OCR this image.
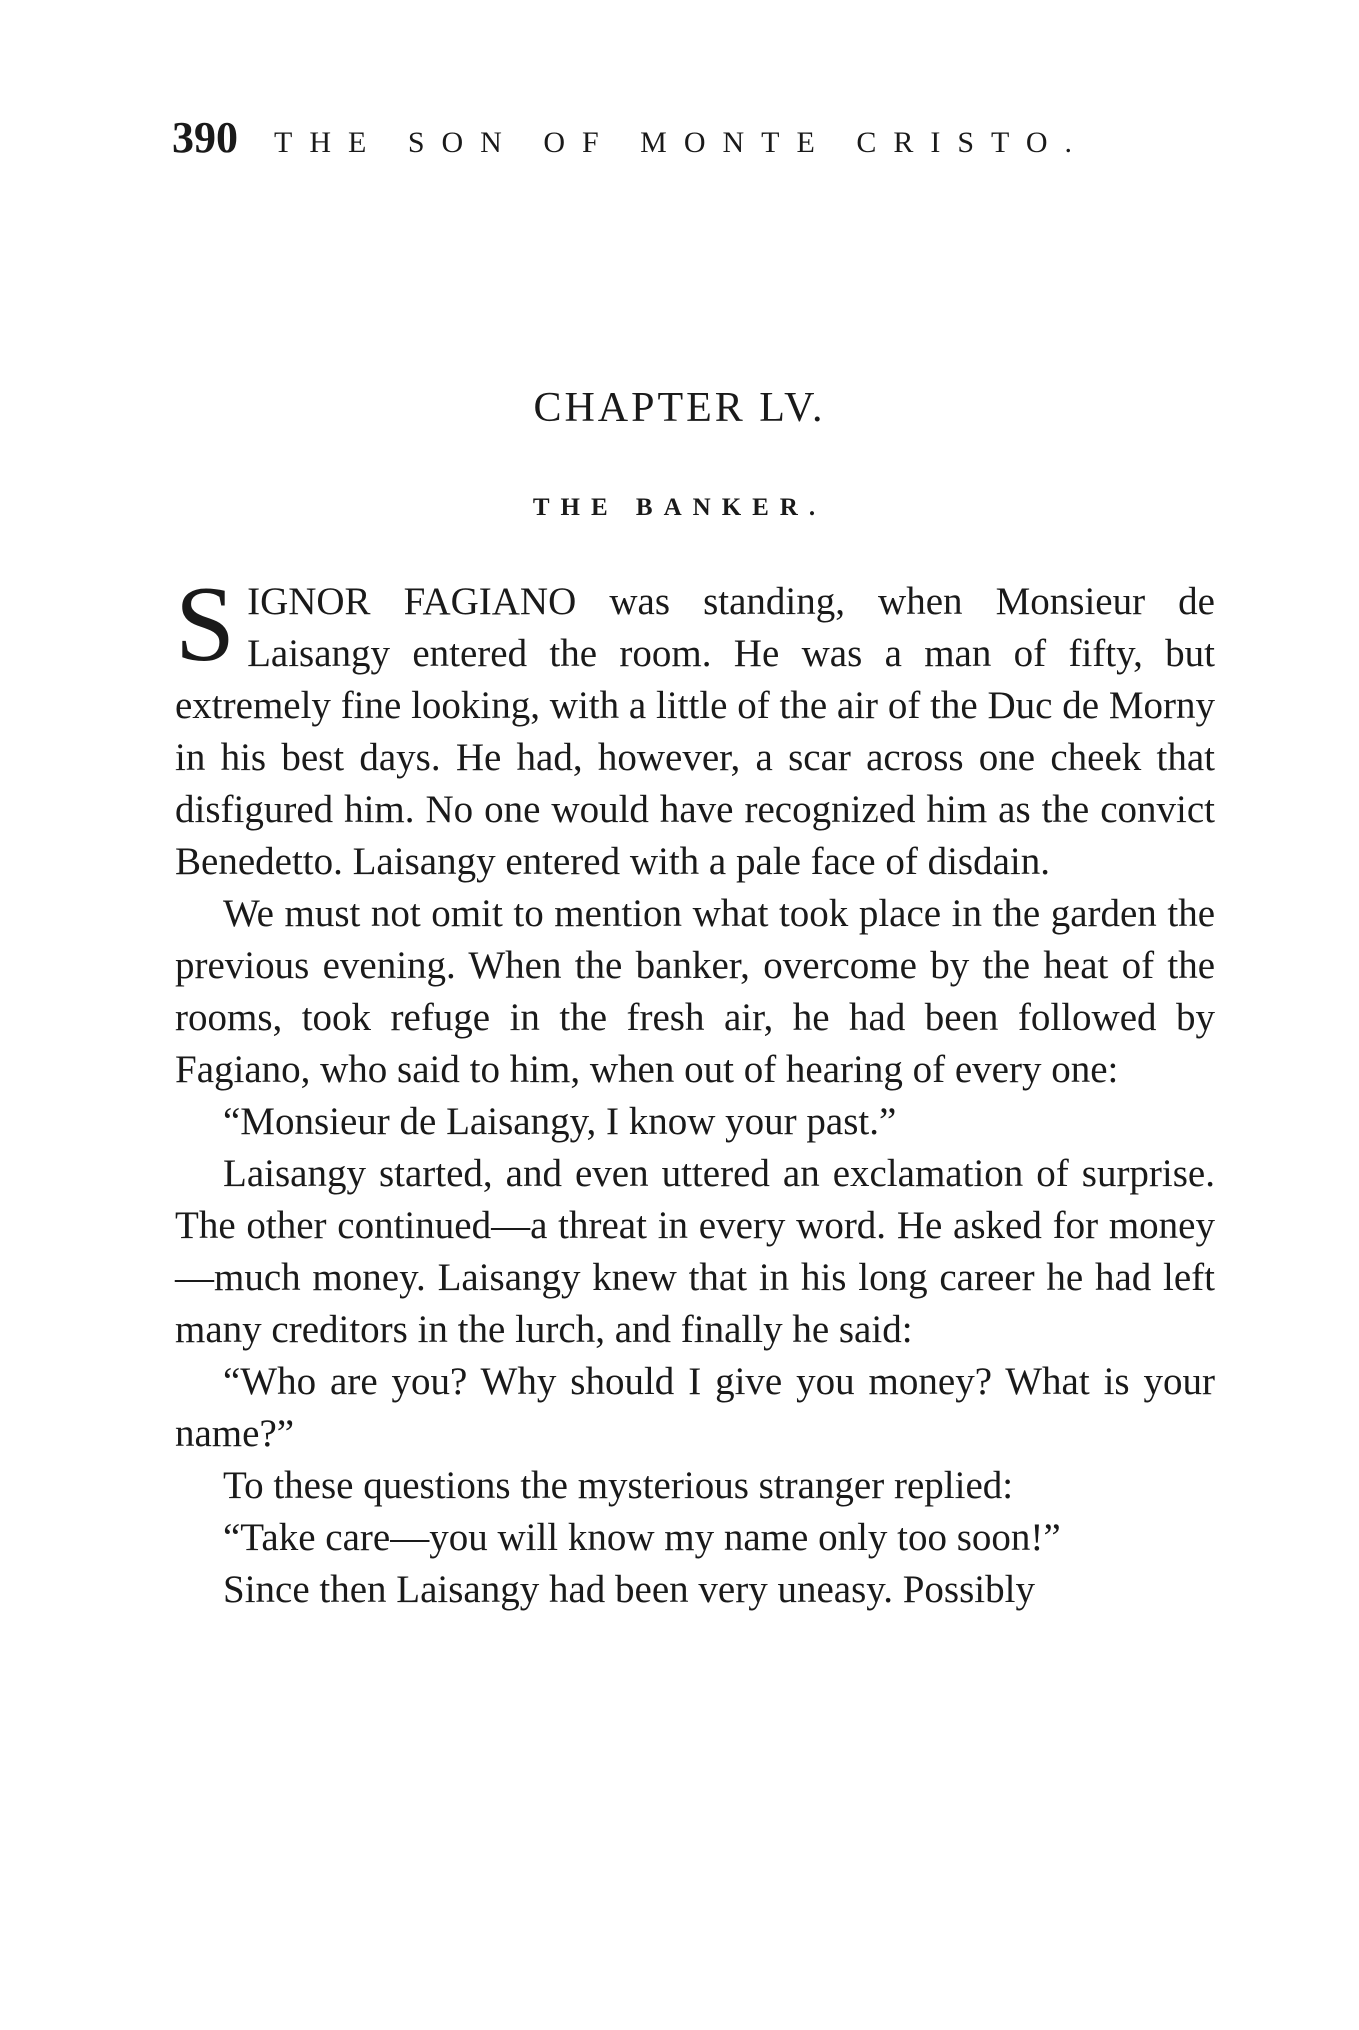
390 THE SON OF MONTE CRISTO.
CHAPTER LV.
THE BANKER.

SIGNOR FAGIANO was standing, when Monsieur de Laisangy entered the room. He was a man of fifty, but extremely fine looking, with a little of the air of the Duc de Morny in his best days. He had, however, a scar across one cheek that disfigured him. No one would have recognized him as the convict Benedetto. Laisangy entered with a pale face of disdain.

We must not omit to mention what took place in the garden the previous evening. When the banker, overcome by the heat of the rooms, took refuge in the fresh air, he had been followed by Fagiano, who said to him, when out of hearing of every one:

“Monsieur de Laisangy, I know your past.”

Laisangy started, and even uttered an exclamation of surprise. The other continued—a threat in every word. He asked for money—much money. Laisangy knew that in his long career he had left many creditors in the lurch, and finally he said:

“Who are you? Why should I give you money? What is your name?”

To these questions the mysterious stranger replied:

“Take care—you will know my name only too soon!”

Since then Laisangy had been very uneasy. Possibly
